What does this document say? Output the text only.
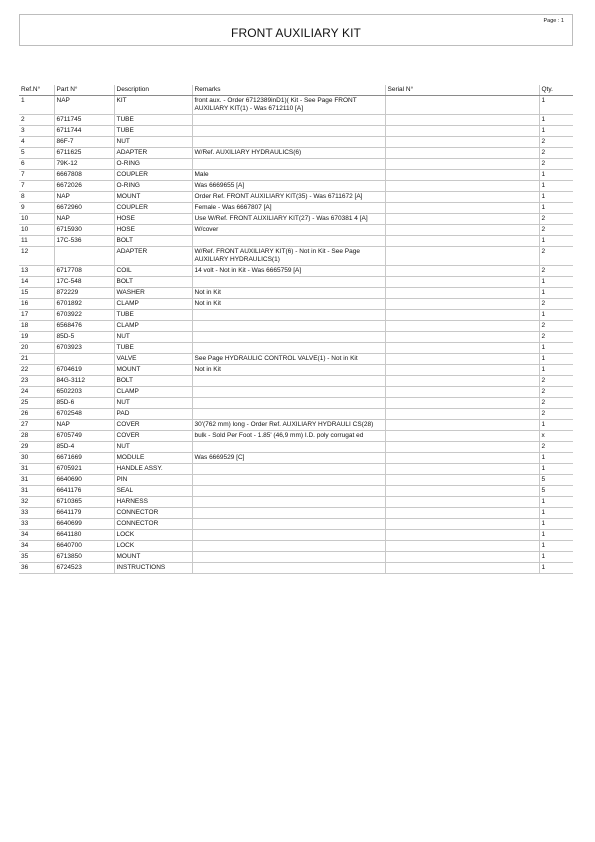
Page : 1
FRONT AUXILIARY KIT
Ref.N°	Part N°	Description	Remarks	Serial N°	Qty.
1	NAP	KIT	front aux. - Order 6712389inD1)( Kit - See Page FRONT AUXILIARY KIT(1) - Was 6712110 [A]		1
2	6711745	TUBE			1
3	6711744	TUBE			1
4	86F-7	NUT			2
5	6711625	ADAPTER	W/Ref. AUXILIARY HYDRAULICS(6)		2
6	79K-12	O-RING			2
7	6667808	COUPLER	Male		1
7	6672026	O-RING	Was 6669655 [A]		1
8	NAP	MOUNT	Order Ref. FRONT AUXILIARY KIT(35) - Was 6711672 [A]		1
9	6672960	COUPLER	Female - Was 6667807 [A]		1
10	NAP	HOSE	Use W/Ref. FRONT AUXILIARY KIT(27) - Was 670381 4 [A]		2
10	6715930	HOSE	W/cover		2
11	17C-536	BOLT			1
12		ADAPTER	W/Ref. FRONT AUXILIARY KIT(6) - Not in Kit - See Page AUXILIARY HYDRAULICS(1)		2
13	6717708	COIL	14 volt - Not in Kit - Was 6665759 [A]		2
14	17C-548	BOLT			1
15	872229	WASHER	Not in Kit		1
16	6701892	CLAMP	Not in Kit		2
17	6703922	TUBE			1
18	6568476	CLAMP			2
19	85D-5	NUT			2
20	6703923	TUBE			1
21		VALVE	See Page HYDRAULIC CONTROL VALVE(1) - Not in Kit		1
22	6704619	MOUNT	Not in Kit		1
23	84G-3112	BOLT			2
24	6502203	CLAMP			2
25	85D-6	NUT			2
26	6702548	PAD			2
27	NAP	COVER	30'(762 mm) long - Order Ref. AUXILIARY HYDRAULI CS(28)		1
28	6705749	COVER	bulk - Sold Per Foot - 1.85' (46,9 mm) I.D. poly corrugat ed		x
29	85D-4	NUT			2
30	6671669	MODULE	Was 6669529 [C]		1
31	6705921	HANDLE ASSY.			1
31	6640690	PIN			5
31	6641176	SEAL			5
32	6710365	HARNESS			1
33	6641179	CONNECTOR			1
33	6640699	CONNECTOR			1
34	6641180	LOCK			1
34	6640700	LOCK			1
35	6713850	MOUNT			1
36	6724523	INSTRUCTIONS			1
